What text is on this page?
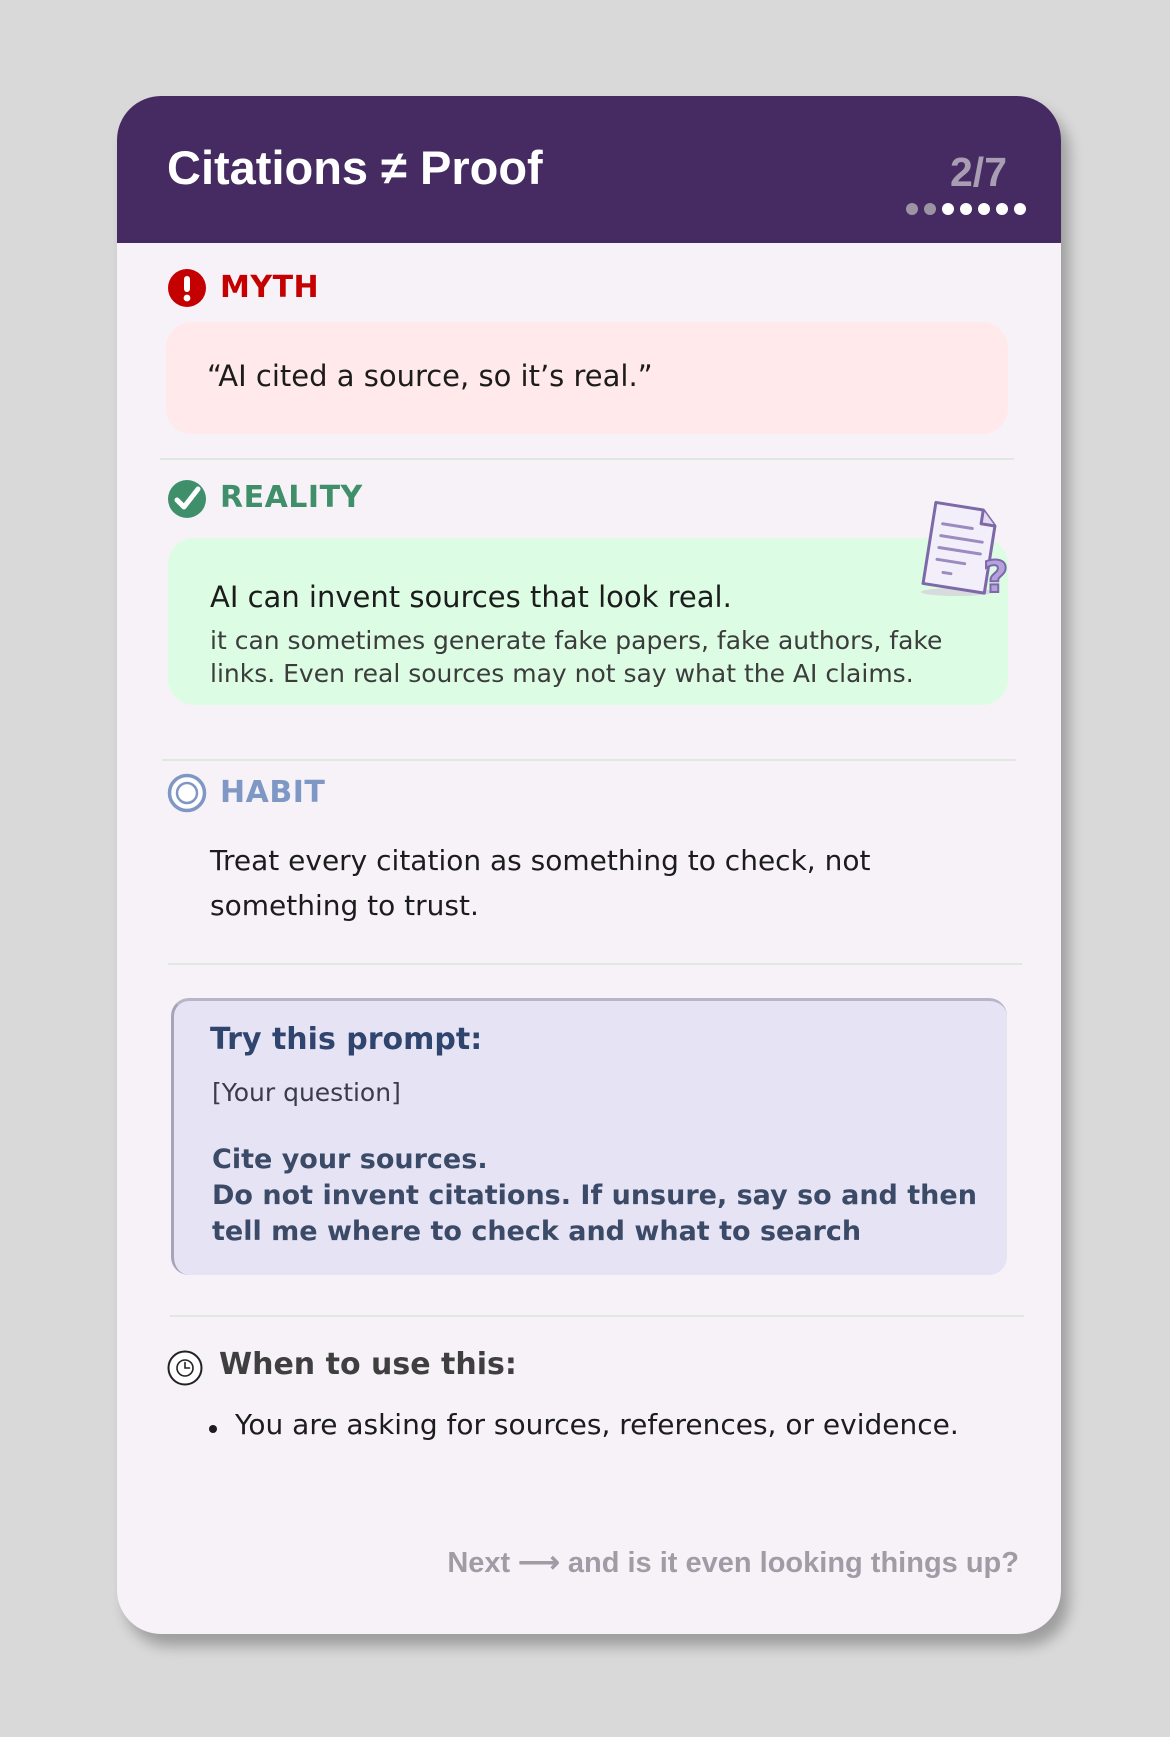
Citations ≠ Proof	2/7
MYTH
“AI cited a source, so it’s real.”
REALITY
?
AI can invent sources that look real.
it can sometimes generate fake papers, fake authors, fake links. Even real sources may not say what the AI claims.
HABIT
Treat every citation as something to check, not something to trust.
Try this prompt:
[Your question]
Cite your sources.
Do not invent citations. If unsure, say so and then tell me where to check and what to search
When to use this:
You are asking for sources, references, or evidence.
Next ⟶ and is it even looking things up?
